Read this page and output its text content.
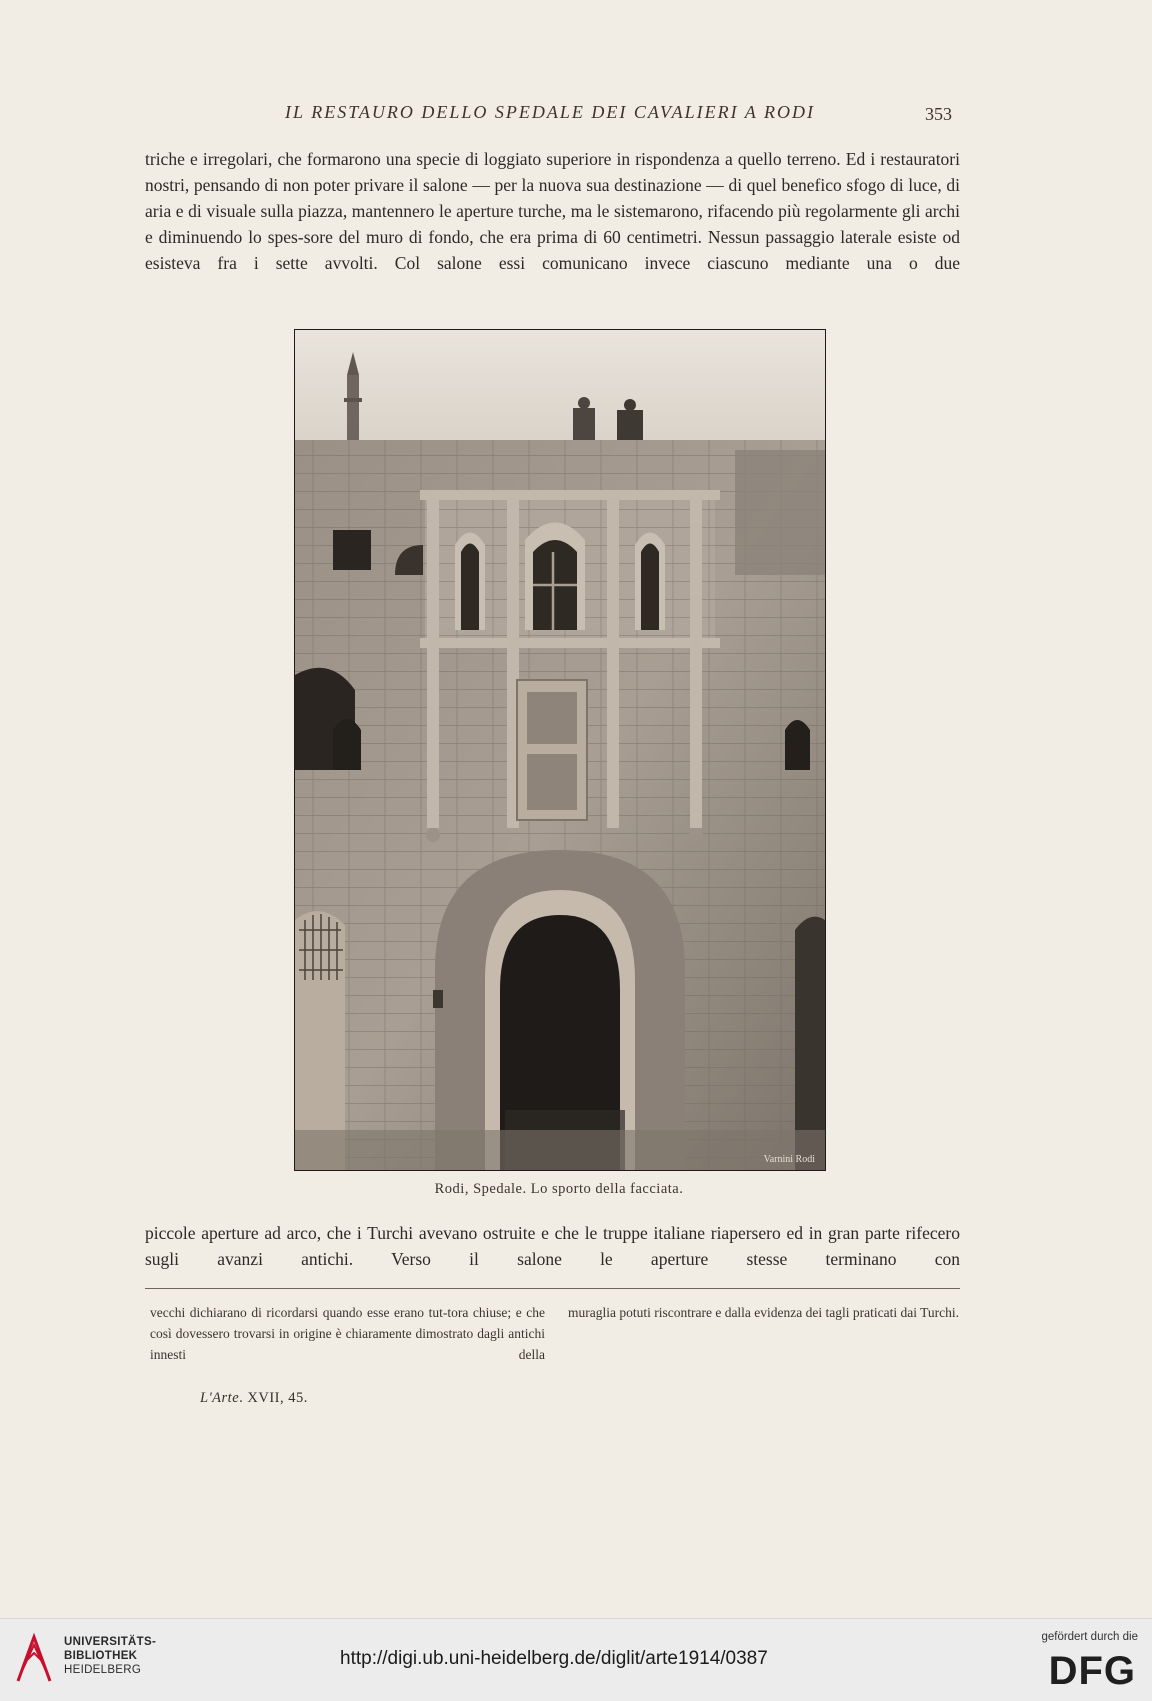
IL RESTAURO DELLO SPEDALE DEI CAVALIERI A RODI	353

triche e irregolari, che formarono una specie di loggiato superiore in rispondenza a quello terreno. Ed i restauratori nostri, pensando di non poter privare il salone — per la nuova sua destinazione — di quel benefico sfogo di luce, di aria e di visuale sulla piazza, mantennero le aperture turche, ma le sistemarono, rifacendo più regolarmente gli archi e diminuendo lo spes-sore del muro di fondo, che era prima di 60 centimetri. Nessun passaggio laterale esiste od esisteva fra i sette avvolti. Col salone essi comunicano invece ciascuno mediante una o due

Varnini Rodi
Rodi, Spedale. Lo sporto della facciata.

piccole aperture ad arco, che i Turchi avevano ostruite e che le truppe italiane riapersero ed in gran parte rifecero sugli avanzi antichi. Verso il salone le aperture stesse terminano con

vecchi dichiarano di ricordarsi quando esse erano tut-tora chiuse; e che così dovessero trovarsi in origine è chiaramente dimostrato dagli antichi innesti della

muraglia potuti riscontrare e dalla evidenza dei tagli praticati dai Turchi.

L'Arte. XVII, 45.
UNIVERSITÄTS-
BIBLIOTHEK
HEIDELBERG
http://digi.ub.uni-heidelberg.de/diglit/arte1914/0387
gefördert durch die
DFG
